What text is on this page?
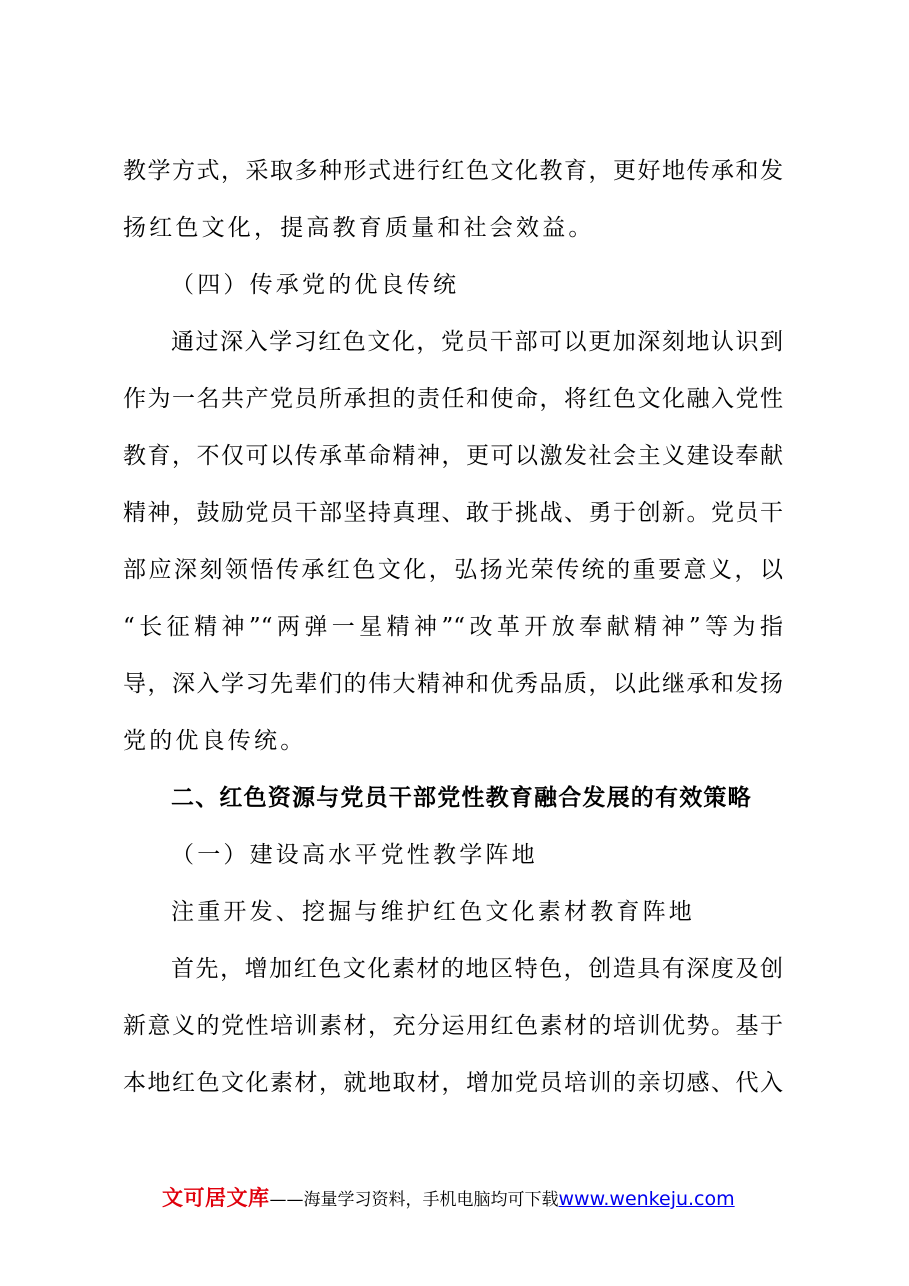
教学方式，采取多种形式进行红色文化教育，更好地传承和发
扬红色文化，提高教育质量和社会效益。
（四）传承党的优良传统
通过深入学习红色文化，党员干部可以更加深刻地认识到
作为一名共产党员所承担的责任和使命，将红色文化融入党性
教育，不仅可以传承革命精神，更可以激发社会主义建设奉献
精神，鼓励党员干部坚持真理、敢于挑战、勇于创新。党员干
部应深刻领悟传承红色文化，弘扬光荣传统的重要意义，以
“长征精神”“两弹一星精神”“改革开放奉献精神”等为指
导，深入学习先辈们的伟大精神和优秀品质，以此继承和发扬
党的优良传统。
二、红色资源与党员干部党性教育融合发展的有效策略
（一）建设高水平党性教学阵地
注重开发、挖掘与维护红色文化素材教育阵地
首先，增加红色文化素材的地区特色，创造具有深度及创
新意义的党性培训素材，充分运用红色素材的培训优势。基于
本地红色文化素材，就地取材，增加党员培训的亲切感、代入
文可居文库——海量学习资料，手机电脑均可下载www.wenkeju.com
